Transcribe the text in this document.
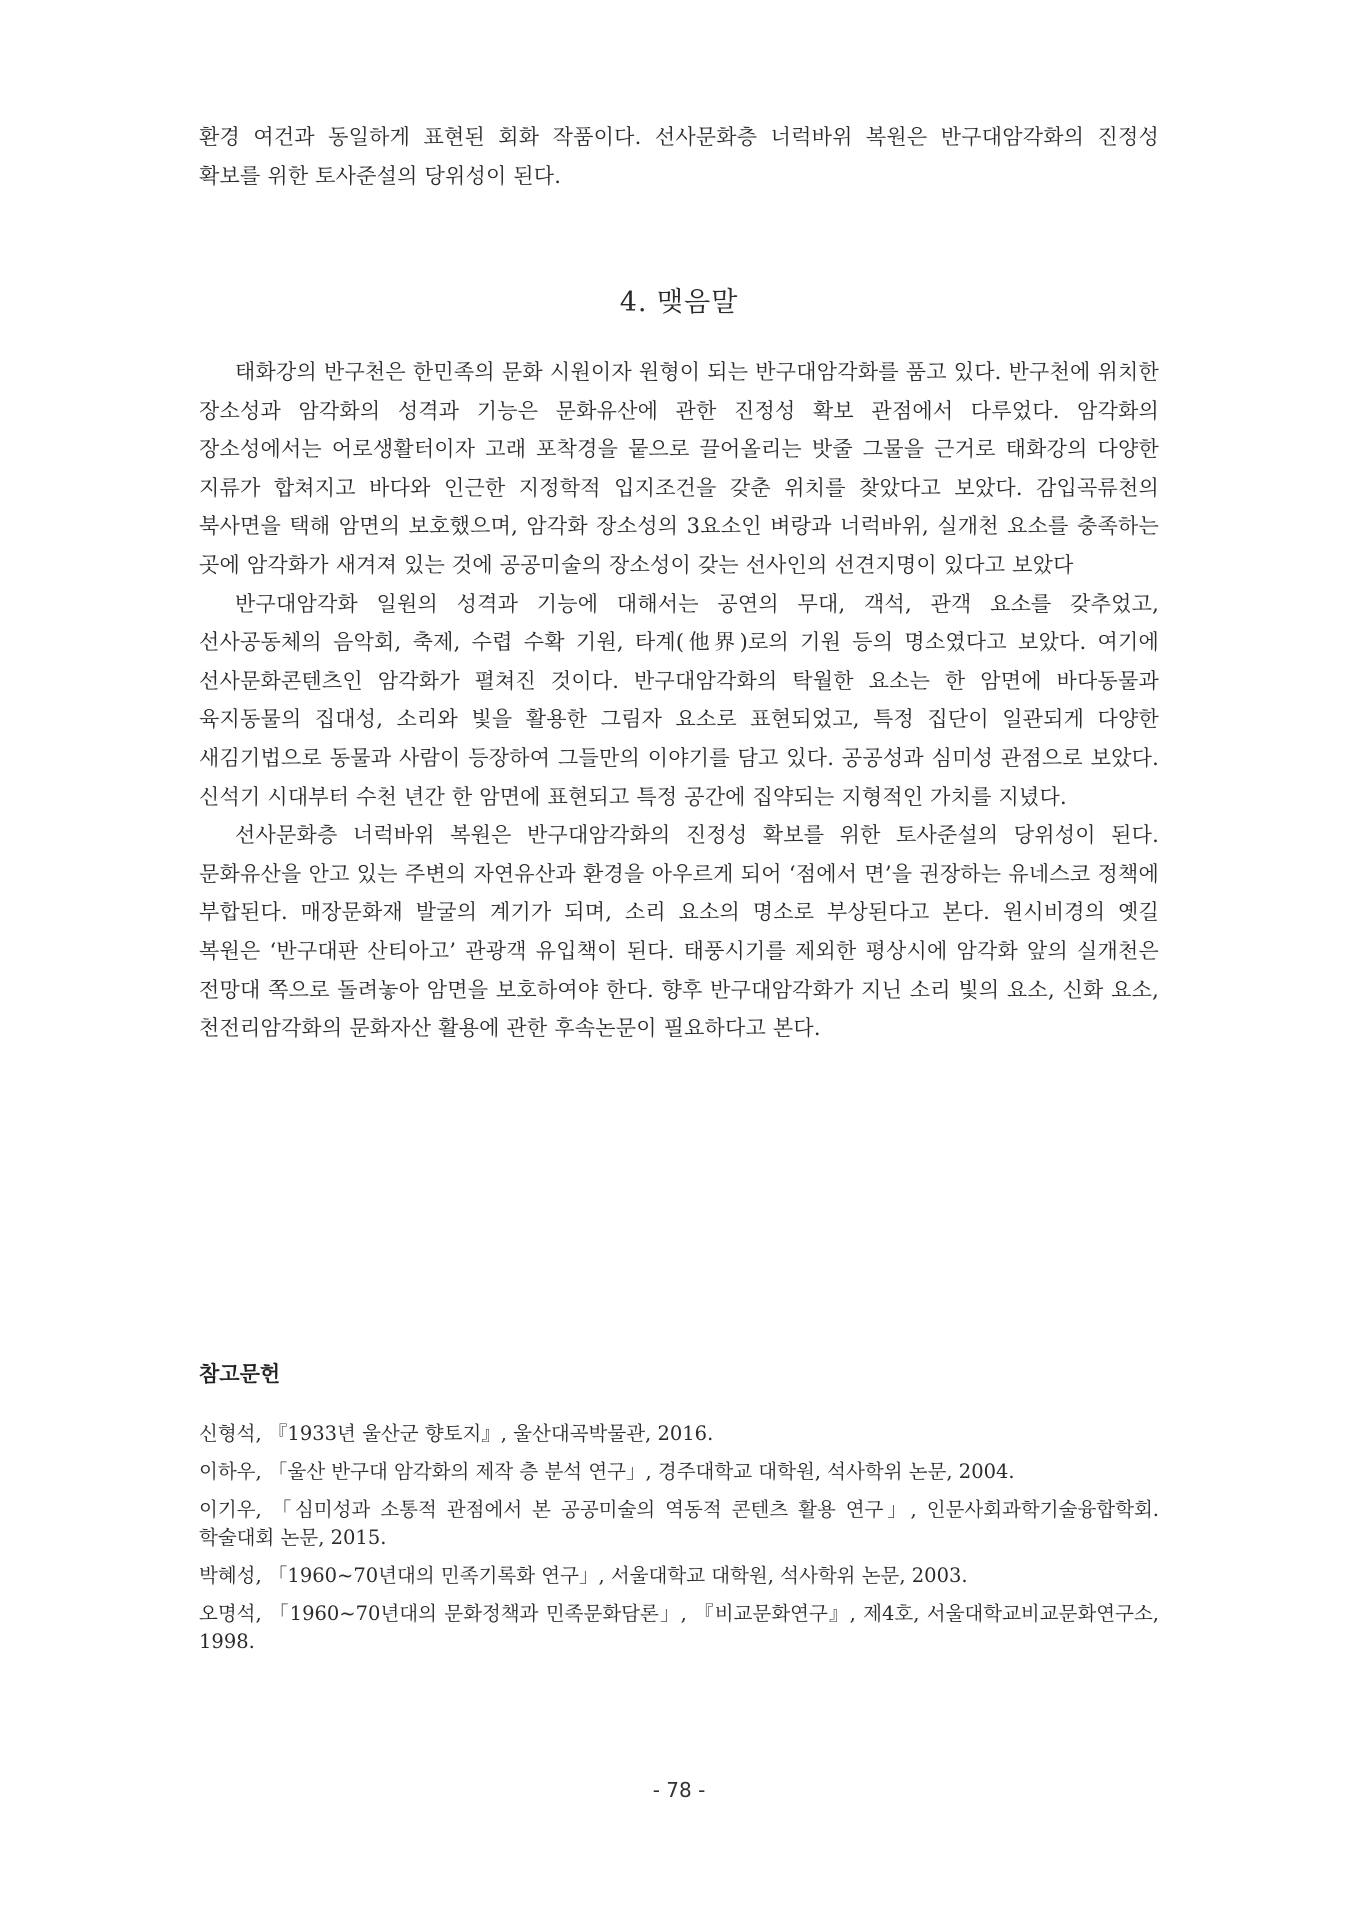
환경 여건과 동일하게 표현된 회화 작품이다. 선사문화층 너럭바위 복원은 반구대암각화의 진정성 확보를 위한 토사준설의 당위성이 된다.

4. 맺음말

태화강의 반구천은 한민족의 문화 시원이자 원형이 되는 반구대암각화를 품고 있다. 반구천에 위치한 장소성과 암각화의 성격과 기능은 문화유산에 관한 진정성 확보 관점에서 다루었다. 암각화의 장소성에서는 어로생활터이자 고래 포착경을 뭍으로 끌어올리는 밧줄 그물을 근거로 태화강의 다양한 지류가 합쳐지고 바다와 인근한 지정학적 입지조건을 갖춘 위치를 찾았다고 보았다. 감입곡류천의 북사면을 택해 암면의 보호했으며, 암각화 장소성의 3요소인 벼랑과 너럭바위, 실개천 요소를 충족하는 곳에 암각화가 새겨져 있는 것에 공공미술의 장소성이 갖는 선사인의 선견지명이 있다고 보았다

반구대암각화 일원의 성격과 기능에 대해서는 공연의 무대, 객석, 관객 요소를 갖추었고, 선사공동체의 음악회, 축제, 수렵 수확 기원, 타계(他界)로의 기원 등의 명소였다고 보았다. 여기에 선사문화콘텐츠인 암각화가 펼쳐진 것이다. 반구대암각화의 탁월한 요소는 한 암면에 바다동물과 육지동물의 집대성, 소리와 빛을 활용한 그림자 요소로 표현되었고, 특정 집단이 일관되게 다양한 새김기법으로 동물과 사람이 등장하여 그들만의 이야기를 담고 있다. 공공성과 심미성 관점으로 보았다. 신석기 시대부터 수천 년간 한 암면에 표현되고 특정 공간에 집약되는 지형적인 가치를 지녔다.

선사문화층 너럭바위 복원은 반구대암각화의 진정성 확보를 위한 토사준설의 당위성이 된다. 문화유산을 안고 있는 주변의 자연유산과 환경을 아우르게 되어 ‘점에서 면’을 권장하는 유네스코 정책에 부합된다. 매장문화재 발굴의 계기가 되며, 소리 요소의 명소로 부상된다고 본다. 원시비경의 옛길 복원은 ‘반구대판 산티아고’ 관광객 유입책이 된다. 태풍시기를 제외한 평상시에 암각화 앞의 실개천은 전망대 쪽으로 돌려놓아 암면을 보호하여야 한다. 향후 반구대암각화가 지닌 소리 빛의 요소, 신화 요소, 천전리암각화의 문화자산 활용에 관한 후속논문이 필요하다고 본다.

참고문헌
신형석, 『1933년 울산군 향토지』, 울산대곡박물관, 2016.
이하우, 「울산 반구대 암각화의 제작 층 분석 연구」, 경주대학교 대학원, 석사학위 논문, 2004.
이기우, 「심미성과 소통적 관점에서 본 공공미술의 역동적 콘텐츠 활용 연구」, 인문사회과학기술융합학회. 학술대회 논문, 2015.
박혜성, 「1960~70년대의 민족기록화 연구」, 서울대학교 대학원, 석사학위 논문, 2003.
오명석, 「1960~70년대의 문화정책과 민족문화담론」, 『비교문화연구』, 제4호, 서울대학교비교문화연구소, 1998.
- 78 -
